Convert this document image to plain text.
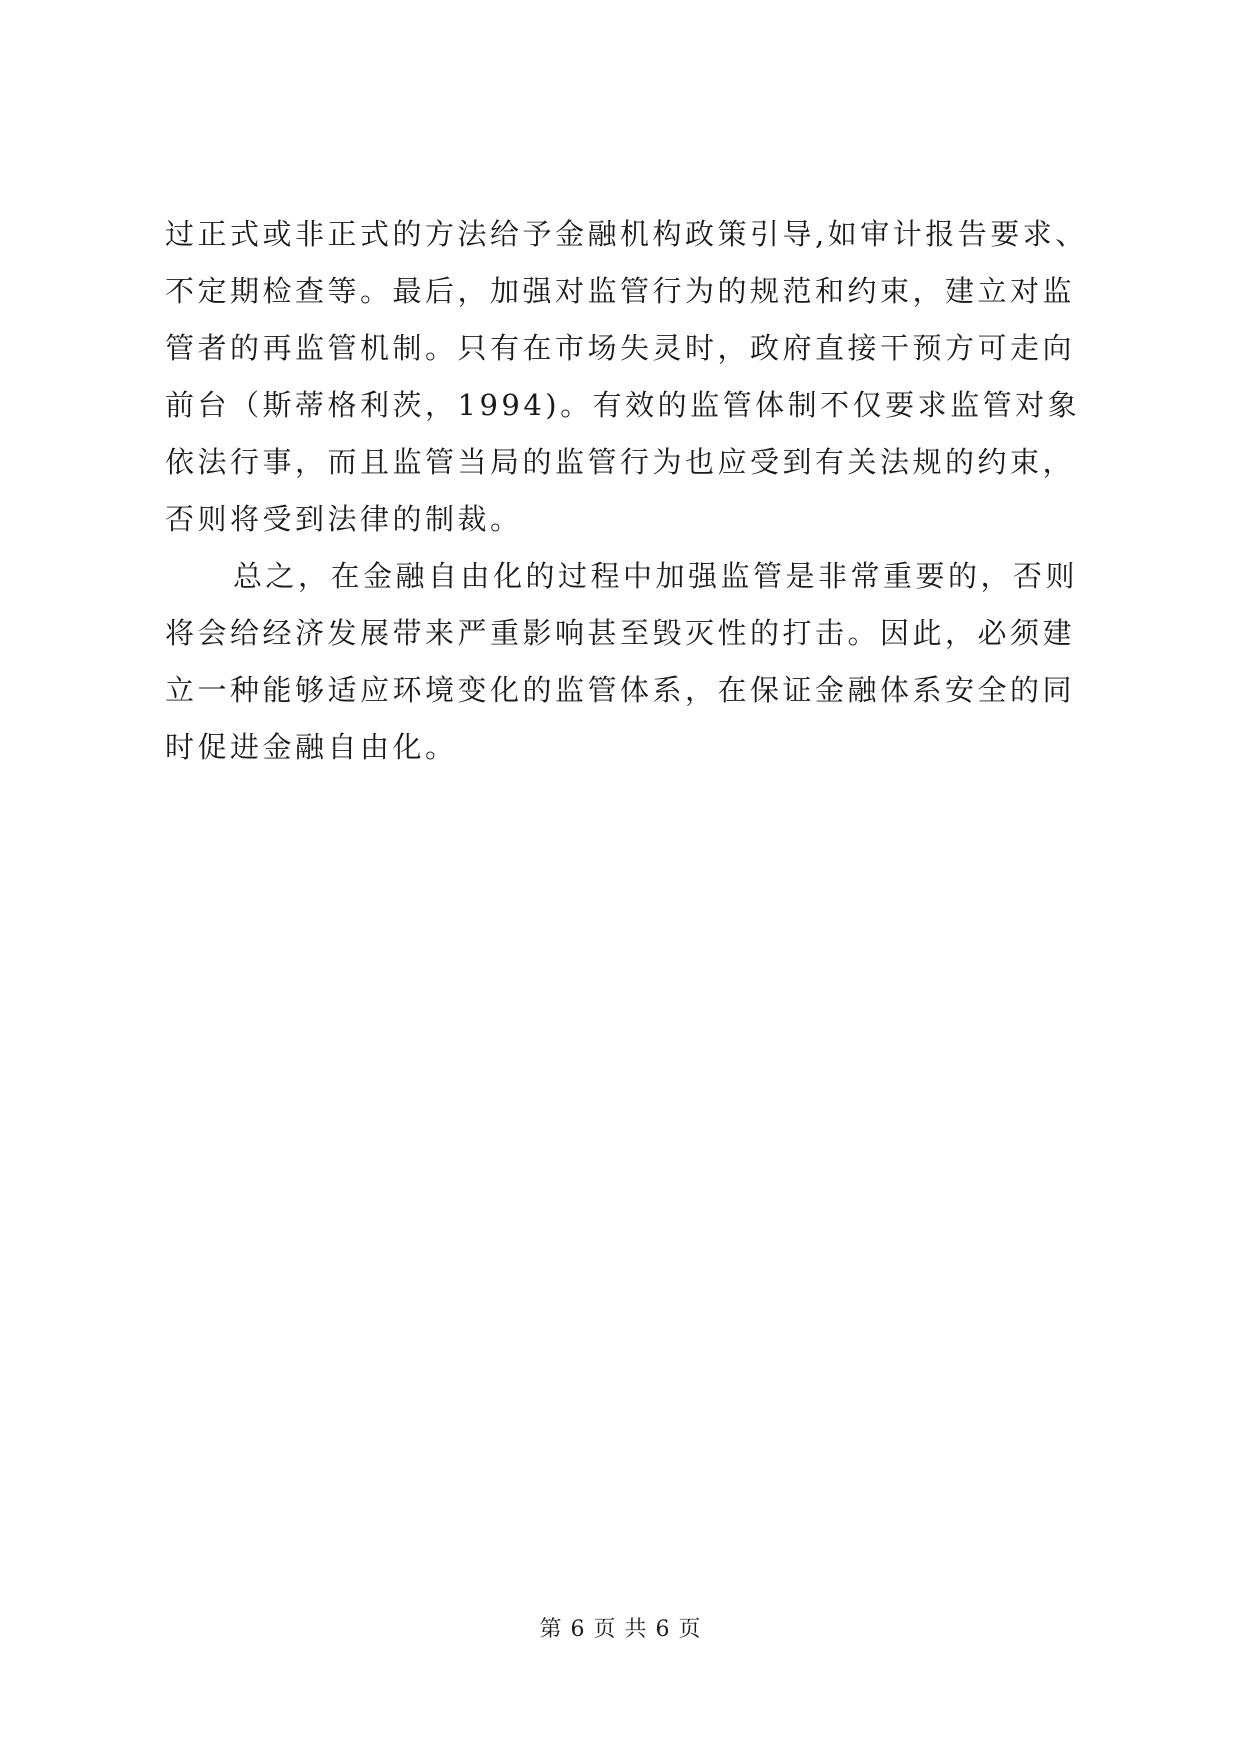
过正式或非正式的方法给予金融机构政策引导,如审计报告要求、
不定期检查等。最后，加强对监管行为的规范和约束，建立对监
管者的再监管机制。只有在市场失灵时，政府直接干预方可走向
前台（斯蒂格利茨，1994)。有效的监管体制不仅要求监管对象
依法行事，而且监管当局的监管行为也应受到有关法规的约束，
否则将受到法律的制裁。
总之，在金融自由化的过程中加强监管是非常重要的，否则
将会给经济发展带来严重影响甚至毁灭性的打击。因此，必须建
立一种能够适应环境变化的监管体系，在保证金融体系安全的同
时促进金融自由化。
第 6 页 共 6 页
